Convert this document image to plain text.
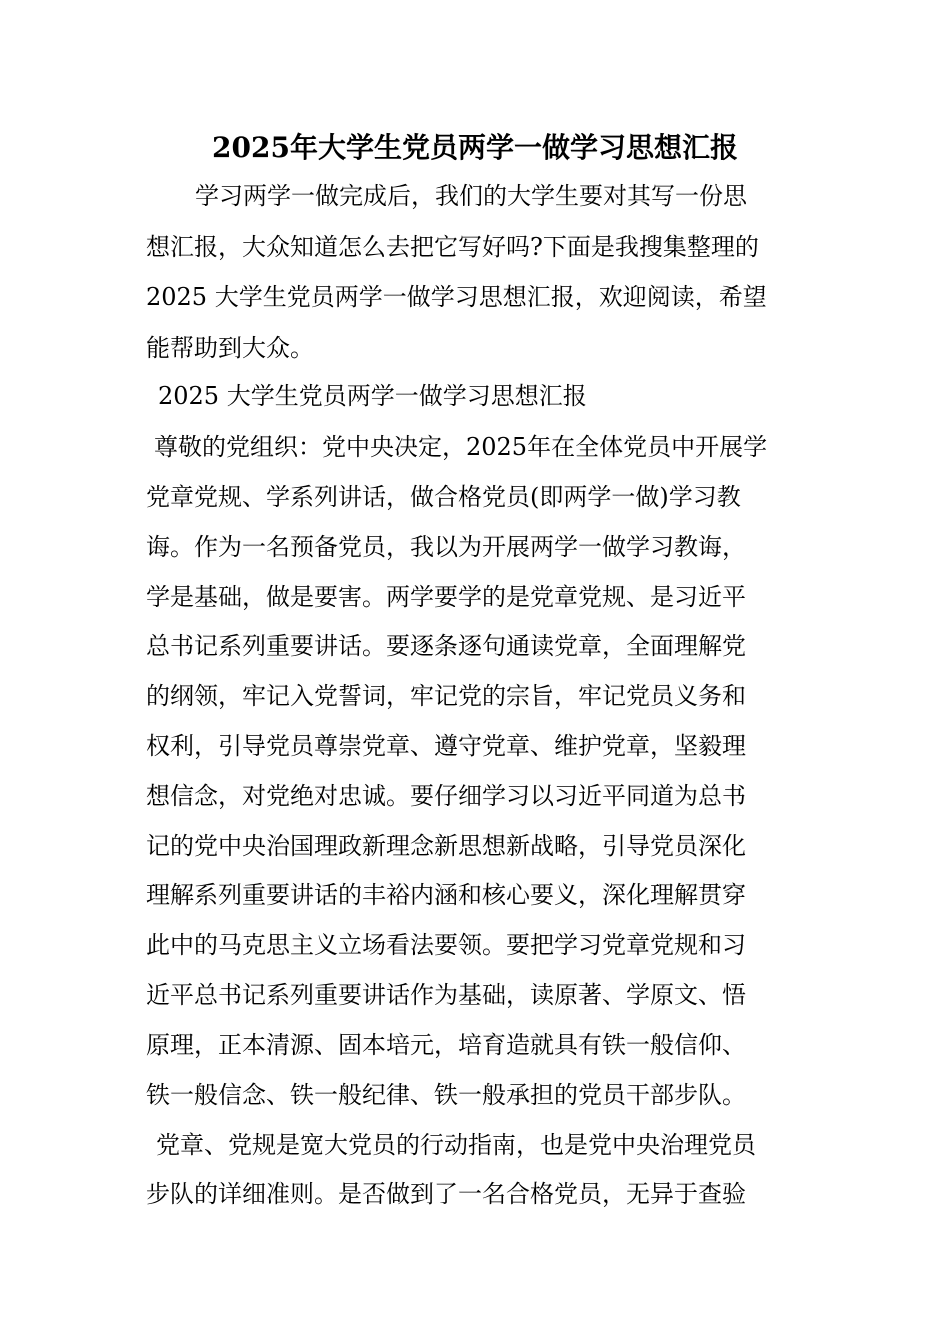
2025年大学生党员两学一做学习思想汇报

学习两学一做完成后，我们的大学生要对其写一份思

想汇报，大众知道怎么去把它写好吗?下面是我搜集整理的

2025 大学生党员两学一做学习思想汇报，欢迎阅读，希望

能帮助到大众。

2025 大学生党员两学一做学习思想汇报

尊敬的党组织：党中央决定，2025年在全体党员中开展学

党章党规、学系列讲话，做合格党员(即两学一做)学习教

诲。作为一名预备党员，我以为开展两学一做学习教诲，

学是基础，做是要害。两学要学的是党章党规、是习近平

总书记系列重要讲话。要逐条逐句通读党章，全面理解党

的纲领，牢记入党誓词，牢记党的宗旨，牢记党员义务和

权利，引导党员尊崇党章、遵守党章、维护党章，坚毅理

想信念，对党绝对忠诚。要仔细学习以习近平同道为总书

记的党中央治国理政新理念新思想新战略，引导党员深化

理解系列重要讲话的丰裕内涵和核心要义，深化理解贯穿

此中的马克思主义立场看法要领。要把学习党章党规和习

近平总书记系列重要讲话作为基础，读原著、学原文、悟

原理，正本清源、固本培元，培育造就具有铁一般信仰、

铁一般信念、铁一般纪律、铁一般承担的党员干部步队。

党章、党规是宽大党员的行动指南，也是党中央治理党员

步队的详细准则。是否做到了一名合格党员，无异于查验
